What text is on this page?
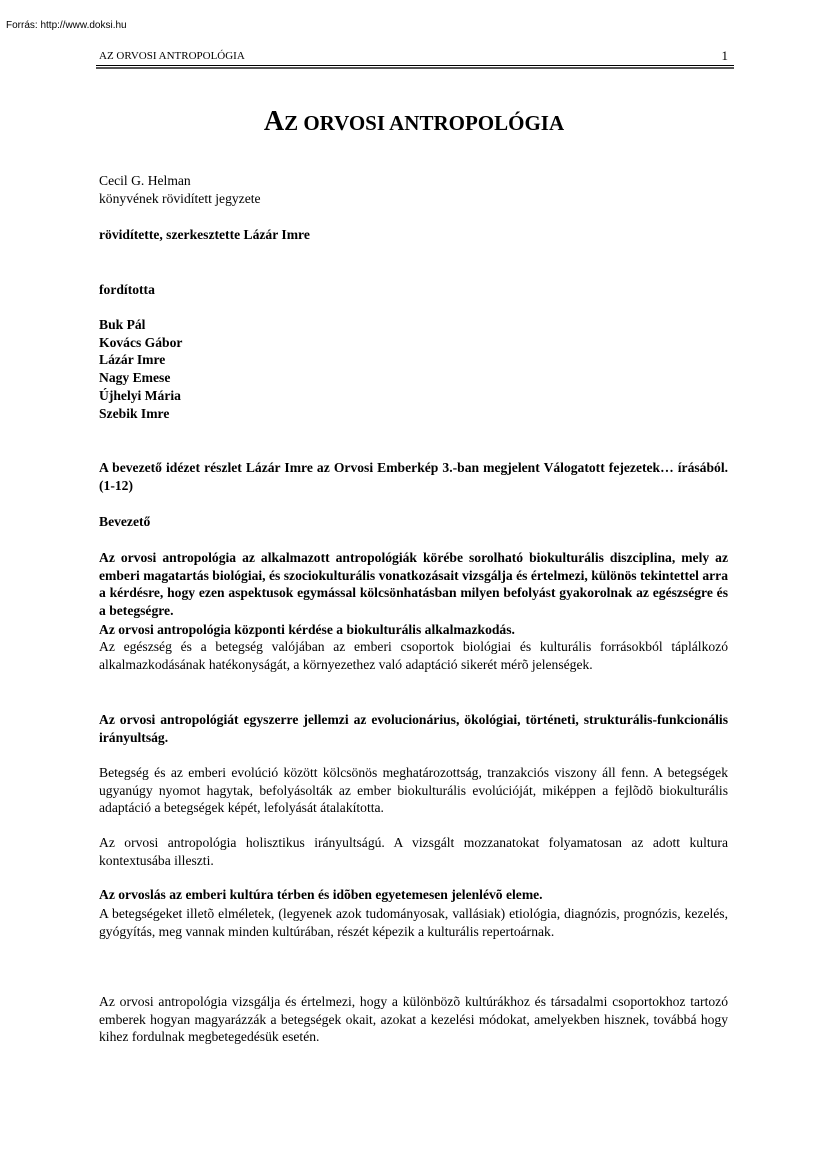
Forrás: http://www.doksi.hu
AZ ORVOSI ANTROPOLÓGIA	1
AZ ORVOSI ANTROPOLÓGIA

Cecil G. Helman

könyvének rövidített jegyzete

rövidítette, szerkesztette Lázár Imre

fordította

Buk Pál

Kovács Gábor

Lázár Imre

Nagy Emese

Újhelyi Mária

Szebik Imre

A bevezető idézet részlet Lázár Imre az Orvosi Emberkép 3.-ban megjelent Válogatott fejezetek… írásából. (1-12)

Bevezető

Az orvosi antropológia az alkalmazott antropológiák körébe sorolható biokulturális diszciplina, mely az emberi magatartás biológiai, és szociokulturális vonatkozásait vizsgálja és értelmezi, különös tekintettel arra a kérdésre, hogy ezen aspektusok egymással kölcsönhatásban milyen befolyást gyakorolnak az egészségre és a betegségre.

Az orvosi antropológia központi kérdése a biokulturális alkalmazkodás.

Az egészség és a betegség valójában az emberi csoportok biológiai és kulturális forrásokból táplálkozó alkalmazkodásának hatékonyságát, a környezethez való adaptáció sikerét mérõ jelenségek.

Az orvosi antropológiát egyszerre jellemzi az evolucionárius, ökológiai, történeti, strukturális-funkcionális irányultság.

Betegség és az emberi evolúció között kölcsönös meghatározottság, tranzakciós viszony áll fenn. A betegségek ugyanúgy nyomot hagytak, befolyásolták az ember biokulturális evolúcióját, miképpen a fejlõdõ biokulturális adaptáció a betegségek képét, lefolyását átalakította.

Az orvosi antropológia holisztikus irányultságú. A vizsgált mozzanatokat folyamatosan az adott kultura kontextusába illeszti.

Az orvoslás az emberi kultúra térben és idõben egyetemesen jelenlévõ eleme.

A betegségeket illetõ elméletek, (legyenek azok tudományosak, vallásiak) etiológia, diagnózis, prognózis, kezelés, gyógyítás, meg vannak minden kultúrában, részét képezik a kulturális repertoárnak.

Az orvosi antropológia vizsgálja és értelmezi, hogy a különbözõ kultúrákhoz és társadalmi csoportokhoz tartozó emberek hogyan magyarázzák a betegségek okait, azokat a kezelési módokat, amelyekben hisznek, továbbá hogy kihez fordulnak megbetegedésük esetén.
